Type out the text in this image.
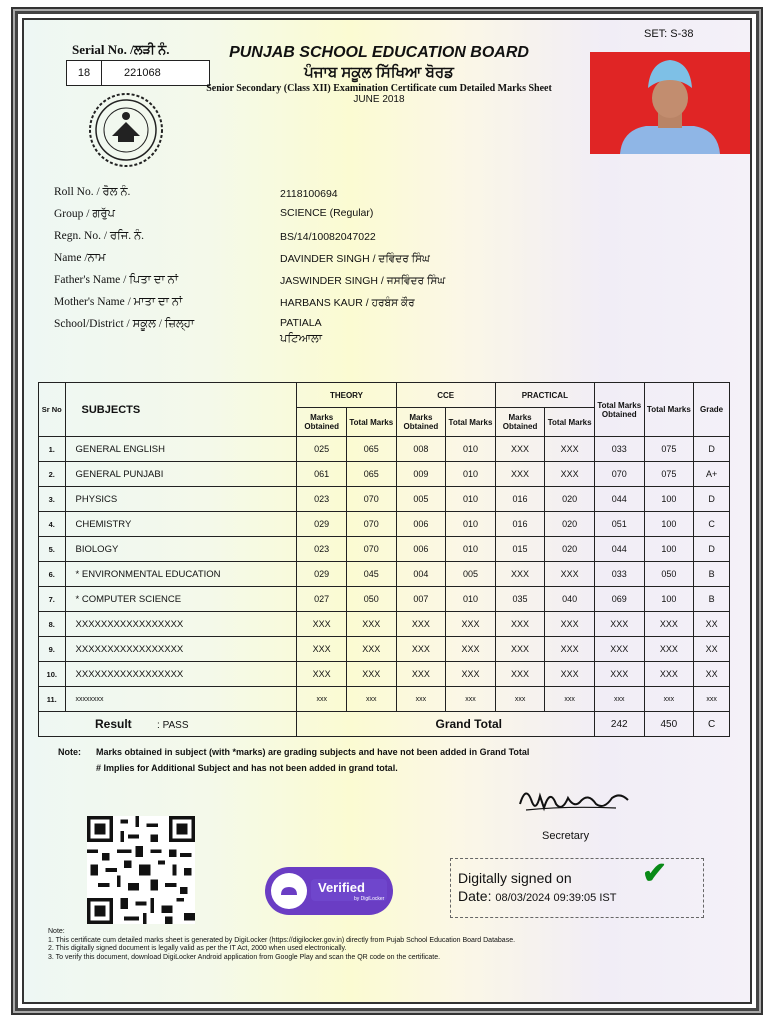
SET: S-38
Serial No. /ਲੜੀ ਨੰ.
18	221068
PUNJAB SCHOOL EDUCATION BOARD
ਪੰਜਾਬ ਸਕੂਲ ਸਿੱਖਿਆ ਬੋਰਡ
Senior Secondary (Class XII) Examination Certificate cum Detailed Marks Sheet
JUNE 2018
Roll No. / ਰੋਲ ਨੰ.	2118100694
Group / ਗਰੁੱਪ	SCIENCE (Regular)
Regn. No. / ਰਜਿ. ਨੰ.	BS/14/10082047022
Name /ਨਾਮ	DAVINDER SINGH / ਦਵਿੰਦਰ ਸਿੰਘ
Father's Name / ਪਿਤਾ ਦਾ ਨਾਂ	JASWINDER SINGH / ਜਸਵਿੰਦਰ ਸਿੰਘ
Mother's Name / ਮਾਤਾ ਦਾ ਨਾਂ	HARBANS KAUR / ਹਰਬੰਸ ਕੌਰ
School/District / ਸਕੂਲ / ਜ਼ਿਲ੍ਹਾ	PATIALA
ਪਟਿਆਲਾ
Sr No	SUBJECTS	THEORY		CCE		PRACTICAL		Total Marks Obtained	Total Marks	Grade
		Marks Obtained	Total Marks	Marks Obtained	Total Marks	Marks Obtained	Total Marks			
1.	GENERAL ENGLISH	025	065	008	010	XXX	XXX	033	075	D
2.	GENERAL PUNJABI	061	065	009	010	XXX	XXX	070	075	A+
3.	PHYSICS	023	070	005	010	016	020	044	100	D
4.	CHEMISTRY	029	070	006	010	016	020	051	100	C
5.	BIOLOGY	023	070	006	010	015	020	044	100	D
6.	* ENVIRONMENTAL EDUCATION	029	045	004	005	XXX	XXX	033	050	B
7.	* COMPUTER SCIENCE	027	050	007	010	035	040	069	100	B
8.	XXXXXXXXXXXXXXXXX	XXX	XXX	XXX	XXX	XXX	XXX	XXX	XXX	XX
9.	XXXXXXXXXXXXXXXXX	XXX	XXX	XXX	XXX	XXX	XXX	XXX	XXX	XX
10.	XXXXXXXXXXXXXXXXX	XXX	XXX	XXX	XXX	XXX	XXX	XXX	XXX	XX
11.	xxxxxxxx	xxx	xxx	xxx	xxx	xxx	xxx	xxx	xxx	xxx
Result : PASS		Grand Total						242	450	C
Note: Marks obtained in subject (with *marks) are grading subjects and have not been added in Grand Total
# Implies for Additional Subject and has not been added in grand total.
Secretary
Verified
by DigiLocker
Digitally signed on
Date: 08/03/2024 09:39:05 IST
✔
Note:
1. This certificate cum detailed marks sheet is generated by DigiLocker (https://digilocker.gov.in) directly from Pujab School Education Board Database.
2. This digitally signed document is legally valid as per the IT Act, 2000 when used electronically.
3. To verify this document, download DigiLocker Android application from Google Play and scan the QR code on the certificate.
